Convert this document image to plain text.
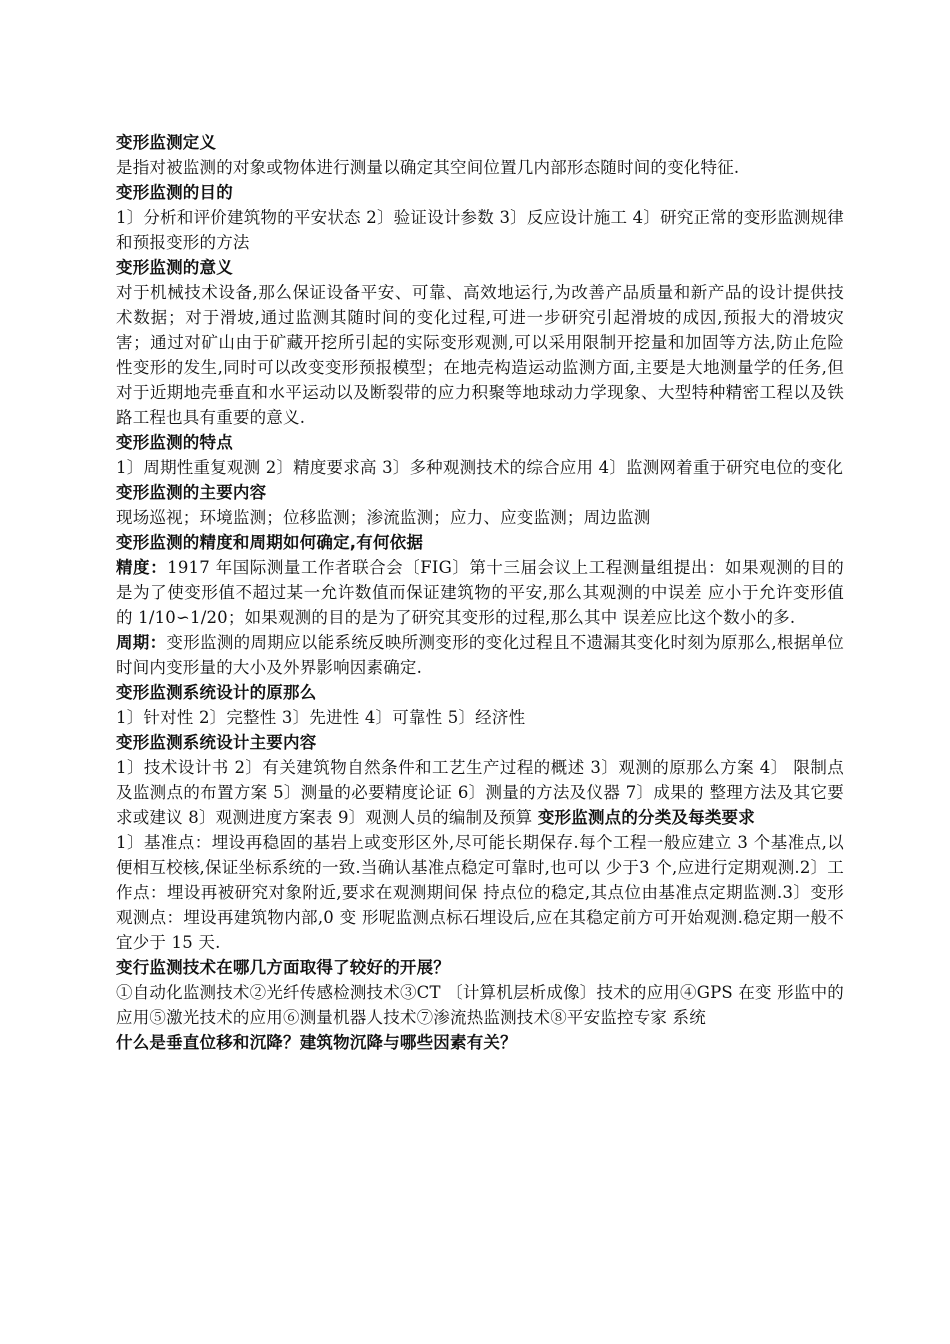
变形监测定义

是指对被监测的对象或物体进行测量以确定其空间位置几内部形态随时间的变化特征.

变形监测的目的

1〕分析和评价建筑物的平安状态 2〕验证设计参数 3〕反应设计施工 4〕研究正常的变形监测规律和预报变形的方法

变形监测的意义

对于机械技术设备,那么保证设备平安、可靠、高效地运行,为改善产品质量和新产品的设计提供技术数据；对于滑坡,通过监测其随时间的变化过程,可进一步研究引起滑坡的成因,预报大的滑坡灾害；通过对矿山由于矿藏开挖所引起的实际变形观测,可以采用限制开挖量和加固等方法,防止危险性变形的发生,同时可以改变变形预报模型；在地壳构造运动监测方面,主要是大地测量学的任务,但对于近期地壳垂直和水平运动以及断裂带的应力积聚等地球动力学现象、大型特种精密工程以及铁路工程也具有重要的意义.

变形监测的特点

1〕周期性重复观测 2〕精度要求高 3〕多种观测技术的综合应用 4〕监测网着重于研究电位的变化

变形监测的主要内容

现场巡视；环境监测；位移监测；渗流监测；应力、应变监测；周边监测

变形监测的精度和周期如何确定,有何依据

精度：1917 年国际测量工作者联合会〔FIG〕第十三届会议上工程测量组提出：如果观测的目的是为了使变形值不超过某一允许数值而保证建筑物的平安,那么其观测的中误差 应小于允许变形值的 1/10∽1/20；如果观测的目的是为了研究其变形的过程,那么其中 误差应比这个数小的多.

周期：变形监测的周期应以能系统反映所测变形的变化过程且不遗漏其变化时刻为原那么,根据单位时间内变形量的大小及外界影响因素确定.

变形监测系统设计的原那么

1〕针对性 2〕完整性 3〕先进性 4〕可靠性 5〕经济性

变形监测系统设计主要内容

1〕技术设计书 2〕有关建筑物自然条件和工艺生产过程的概述 3〕观测的原那么方案 4〕 限制点及监测点的布置方案 5〕测量的必要精度论证 6〕测量的方法及仪器 7〕成果的 整理方法及其它要求或建议 8〕观测进度方案表 9〕观测人员的编制及预算 变形监测点的分类及每类要求

1〕基准点：埋设再稳固的基岩上或变形区外,尽可能长期保存.每个工程一般应建立 3 个基准点,以便相互校核,保证坐标系统的一致.当确认基准点稳定可靠时,也可以 少于3 个,应进行定期观测.2〕工作点：埋设再被研究对象附近,要求在观测期间保 持点位的稳定,其点位由基准点定期监测.3〕变形观测点：埋设再建筑物内部,0 变 形呢监测点标石埋设后,应在其稳定前方可开始观测.稳定期一般不宜少于 15 天.

变行监测技术在哪几方面取得了较好的开展？

①自动化监测技术②光纤传感检测技术③CT 〔计算机层析成像〕技术的应用④GPS 在变 形监中的应用⑤激光技术的应用⑥测量机器人技术⑦渗流热监测技术⑧平安监控专家 系统

什么是垂直位移和沉降？建筑物沉降与哪些因素有关？
